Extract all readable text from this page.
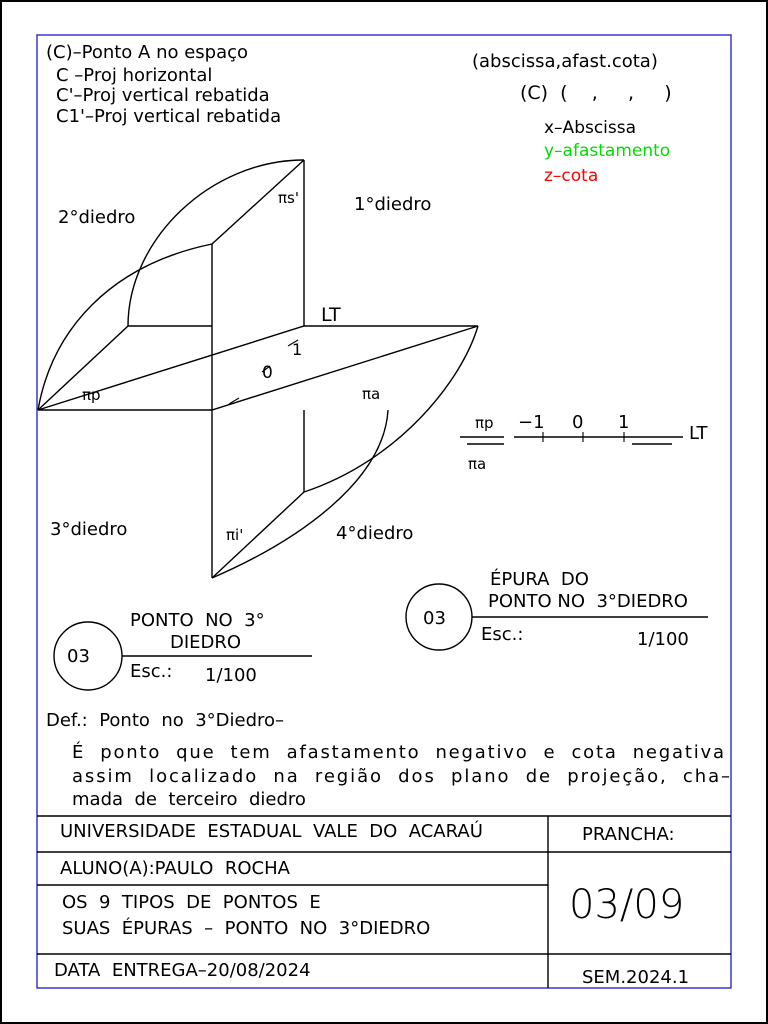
(C)–Ponto A no espaço
C –Proj horizontal
C'–Proj vertical rebatida
C1'–Proj vertical rebatida
(abscissa,afast.cota)
(C)  (    ,     ,     )
x–Abscissa
y–afastamento
z–cota
2°diedro
1°diedro
3°diedro	4°diedro
LT
πs'
πp	πa
πi'
1
0
πp
πa
−1 0 1
LT
03
PONTO  NO  3°
DIEDRO
Esc.: 1/100
03
ÉPURA  DO
PONTO NO  3°DIEDRO
Esc.:	1/100
Def.:  Ponto  no  3°Diedro–
É  ponto  que  tem  afastamento  negativo  e  cota  negativa
assim  localizado  na  região  dos  plano  de  projeção,  cha–
mada  de  terceiro  diedro
UNIVERSIDADE  ESTADUAL  VALE  DO  ACARAÚ	PRANCHA:
ALUNO(A):PAULO  ROCHA
OS  9  TIPOS  DE  PONTOS  E
SUAS  ÉPURAS  –  PONTO  NO  3°DIEDRO
03/09
DATA  ENTREGA–20/08/2024	SEM.2024.1
